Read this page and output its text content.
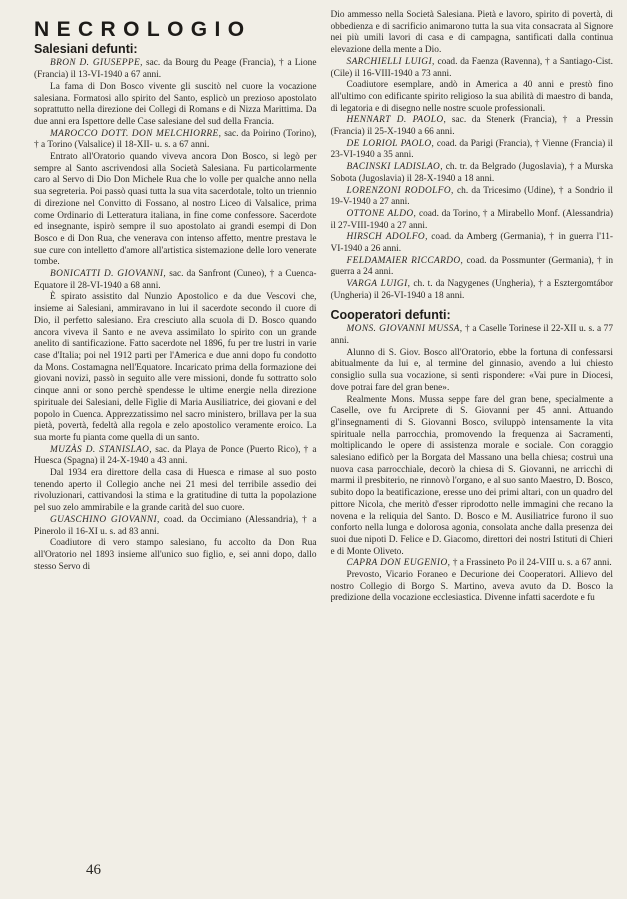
NECROLOGIO
Salesiani defunti:

BRON D. GIUSEPPE, sac. da Bourg du Peage (Francia), † a Lione (Francia) il 13-VI-1940 a 67 anni.

La fama di Don Bosco vivente gli suscitò nel cuore la vocazione salesiana. Formatosi allo spirito del Santo, esplicò un prezioso apostolato soprattutto nella direzione dei Collegi di Romans e di Nizza Marittima. Da due anni era Ispettore delle Case salesiane del sud della Francia.

MAROCCO DOTT. DON MELCHIORRE, sac. da Poirino (Torino), † a Torino (Valsalice) il 18-XII- u. s. a 67 anni.

Entrato all'Oratorio quando viveva ancora Don Bosco, si legò per sempre al Santo ascrivendosi alla Società Salesiana. Fu particolarmente caro al Servo di Dio Don Michele Rua che lo volle per qualche anno nella sua segreteria. Poi passò quasi tutta la sua vita sacerdotale, tolto un triennio di direzione nel Convitto di Fossano, al nostro Liceo di Valsalice, prima come Ordinario di Letteratura italiana, in fine come confessore. Sacerdote ed insegnante, ispirò sempre il suo apostolato ai grandi esempi di Don Bosco e di Don Rua, che venerava con intenso affetto, mentre prestava le sue cure con intelletto d'amore all'artistica sistemazione delle loro venerate tombe.

BONICATTI D. GIOVANNI, sac. da Sanfront (Cuneo), † a Cuenca-Equatore il 28-VI-1940 a 68 anni.

È spirato assistito dal Nunzio Apostolico e da due Vescovi che, insieme ai Salesiani, ammiravano in lui il sacerdote secondo il cuore di Dio, il perfetto salesiano. Era cresciuto alla scuola di D. Bosco quando ancora viveva il Santo e ne aveva assimilato lo spirito con un grande anelito di santificazione. Fatto sacerdote nel 1896, fu per tre lustri in varie case d'Italia; poi nel 1912 partì per l'America e due anni dopo fu condotto da Mons. Costamagna nell'Equatore. Incaricato prima della formazione dei giovani novizi, passò in seguito alle vere missioni, donde fu sottratto solo cinque anni or sono perchè spendesse le ultime energie nella direzione spirituale dei Salesiani, delle Figlie di Maria Ausiliatrice, dei giovani e del popolo in Cuenca. Apprezzatissimo nel sacro ministero, brillava per la sua pietà, povertà, fedeltà alla regola e zelo apostolico veramente eroico. La sua morte fu pianta come quella di un santo.

MUZÀS D. STANISLAO, sac. da Playa de Ponce (Puerto Rico), † a Huesca (Spagna) il 24-X-1940 a 43 anni.

Dal 1934 era direttore della casa di Huesca e rimase al suo posto tenendo aperto il Collegio anche nei 21 mesi del terribile assedio dei rivoluzionari, cattivandosi la stima e la gratitudine di tutta la popolazione pel suo zelo ammirabile e la grande carità del suo cuore.

GUASCHINO GIOVANNI, coad. da Occimiano (Alessandria), † a Pinerolo il 16-XI u. s. ad 83 anni.

Coadiutore di vero stampo salesiano, fu accolto da Don Rua all'Oratorio nel 1893 insieme all'unico suo figlio, e, sei anni dopo, dallo stesso Servo di

Dio ammesso nella Società Salesiana. Pietà e lavoro, spirito di povertà, di obbedienza e di sacrificio animarono tutta la sua vita consacrata al Signore nei più umili lavori di casa e di campagna, santificati dalla continua elevazione della mente a Dio.

SARCHIELLI LUIGI, coad. da Faenza (Ravenna), † a Santiago-Cist. (Cile) il 16-VIII-1940 a 73 anni.

Coadiutore esemplare, andò in America a 40 anni e prestò fino all'ultimo con edificante spirito religioso la sua abilità di maestro di banda, di legatoria e di disegno nelle nostre scuole professionali.

HENNART D. PAOLO, sac. da Stenerk (Francia), † a Pressin (Francia) il 25-X-1940 a 66 anni.

DE LORIOL PAOLO, coad. da Parigi (Francia), † Vienne (Francia) il 23-VI-1940 a 35 anni.

BACINSKI LADISLAO, ch. tr. da Belgrado (Jugoslavia), † a Murska Sobota (Jugoslavia) il 28-X-1940 a 18 anni.

LORENZONI RODOLFO, ch. da Tricesimo (Udine), † a Sondrio il 19-V-1940 a 27 anni.

OTTONE ALDO, coad. da Torino, † a Mirabello Monf. (Alessandria) il 27-VIII-1940 a 27 anni.

HIRSCH ADOLFO, coad. da Amberg (Germania), † in guerra l'11-VI-1940 a 26 anni.

FELDAMAIER RICCARDO, coad. da Possmunter (Germania), † in guerra a 24 anni.

VARGA LUIGI, ch. t. da Nagygenes (Ungheria), † a Esztergomtábor (Ungheria) il 26-VI-1940 a 18 anni.

Cooperatori defunti:

MONS. GIOVANNI MUSSA, † a Caselle Torinese il 22-XII u. s. a 77 anni.

Alunno di S. Giov. Bosco all'Oratorio, ebbe la fortuna di confessarsi abitualmente da lui e, al termine del ginnasio, avendo a lui chiesto consiglio sulla sua vocazione, si sentì rispondere: «Vai pure in Diocesi, dove potrai fare del gran bene».

Realmente Mons. Mussa seppe fare del gran bene, specialmente a Caselle, ove fu Arciprete di S. Giovanni per 45 anni. Attuando gl'insegnamenti di S. Giovanni Bosco, sviluppò intensamente la vita spirituale nella parrocchia, promovendo la frequenza ai Sacramenti, moltiplicando le opere di assistenza morale e sociale. Con coraggio salesiano edificò per la Borgata del Massano una bella chiesa; costruì una nuova casa parrocchiale, decorò la chiesa di S. Giovanni, ne arricchì di marmi il presbiterio, ne rinnovò l'organo, e al suo santo Maestro, D. Bosco, subito dopo la beatificazione, eresse uno dei primi altari, con un quadro del pittore Nicola, che meritò d'esser riprodotto nelle immagini che recano la novena e la reliquia del Santo. D. Bosco e M. Ausiliatrice furono il suo conforto nella lunga e dolorosa agonia, consolata anche dalla presenza dei suoi due nipoti D. Felice e D. Giacomo, direttori dei nostri Istituti di Chieri e di Monte Oliveto.

CAPRA DON EUGENIO, † a Frassineto Po il 24-VIII u. s. a 67 anni.

Prevosto, Vicario Foraneo e Decurione dei Cooperatori. Allievo del nostro Collegio di Borgo S. Martino, aveva avuto da D. Bosco la predizione della vocazione ecclesiastica. Divenne infatti sacerdote e fu

46
